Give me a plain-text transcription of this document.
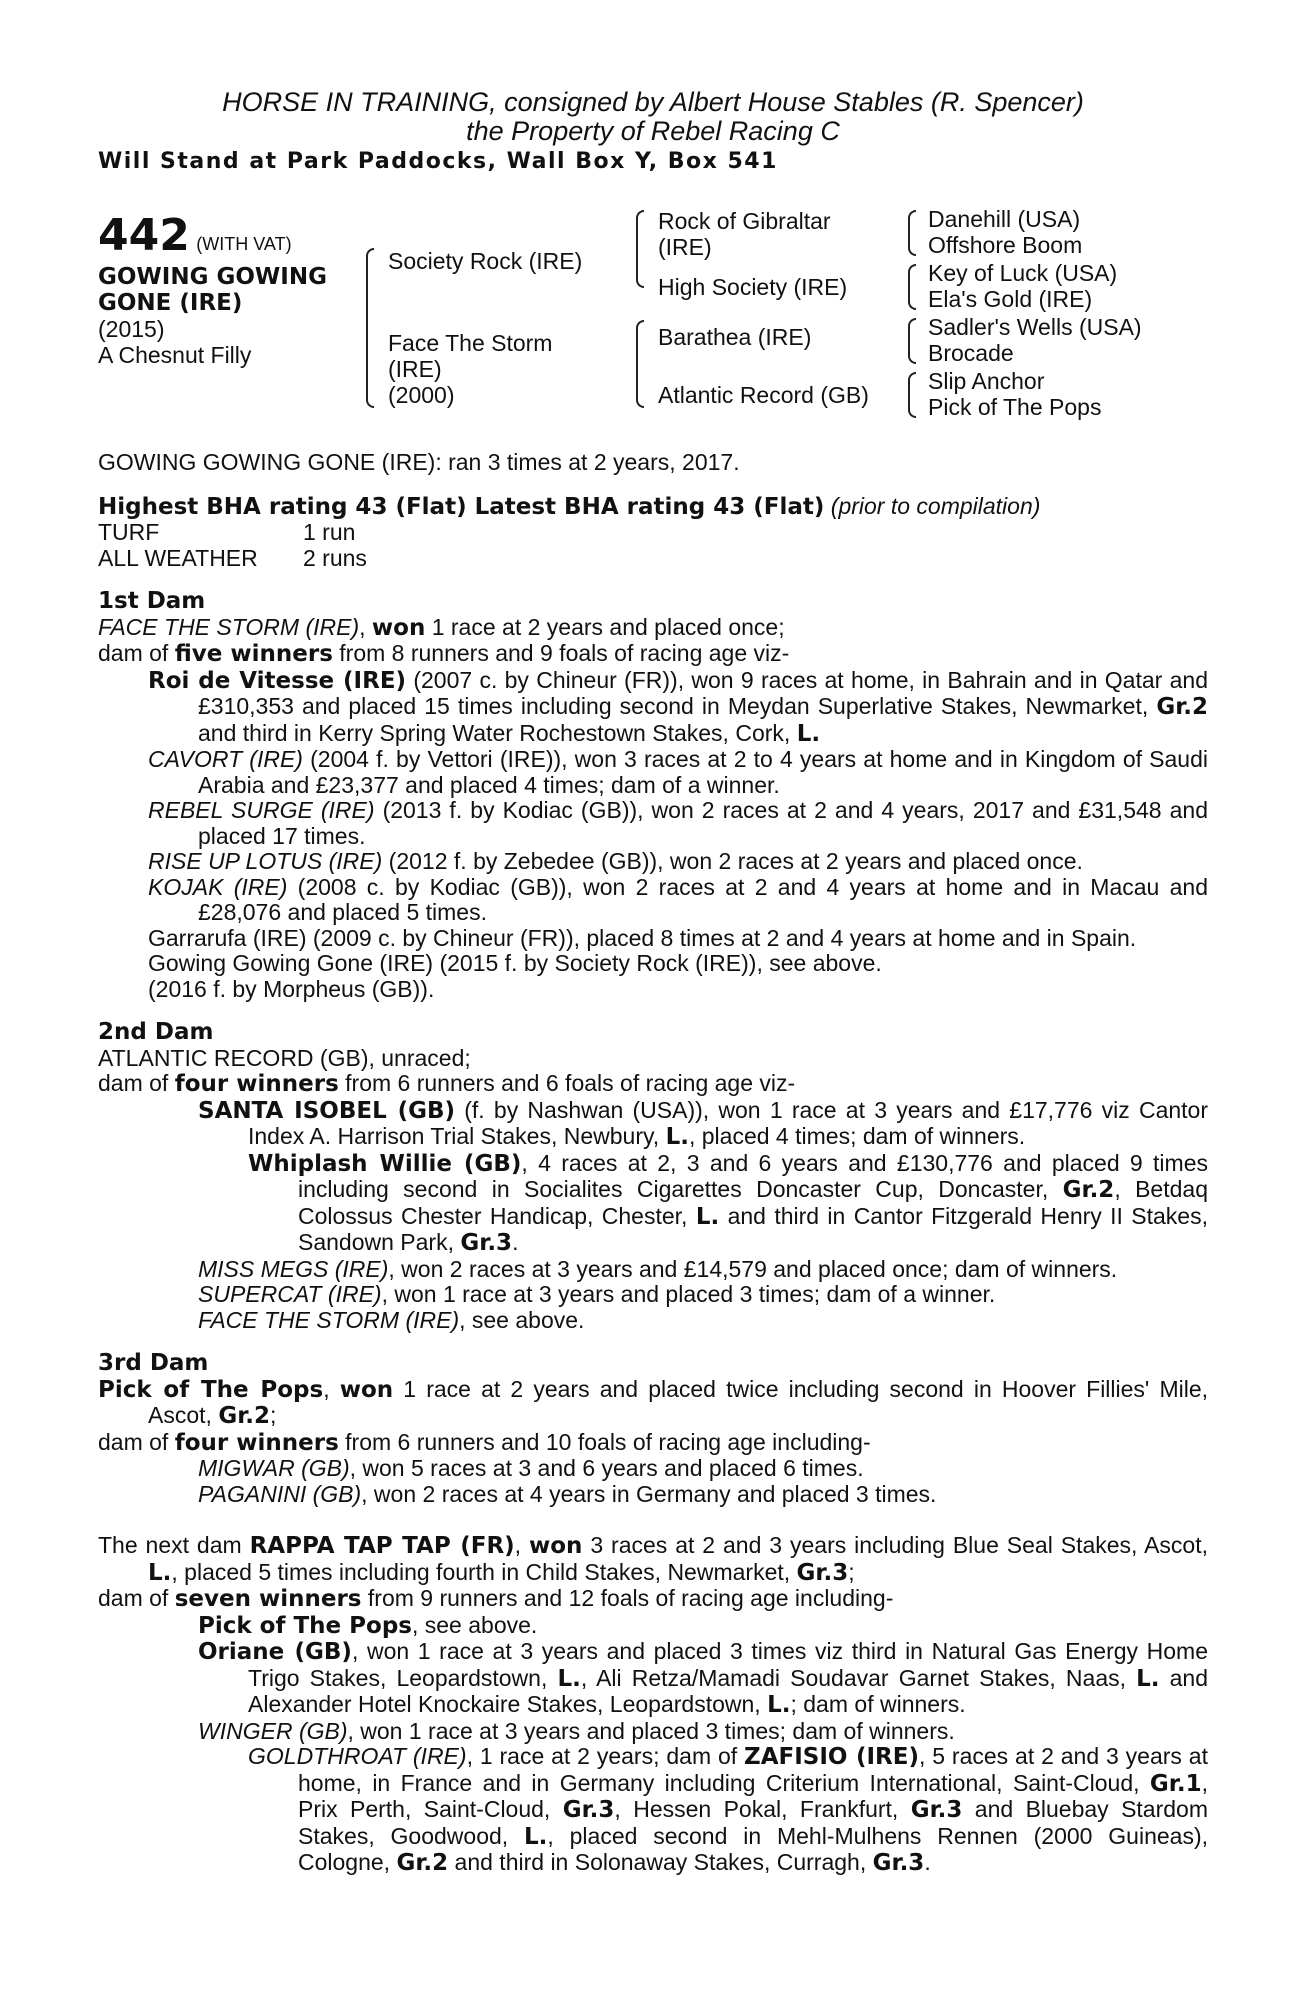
HORSE IN TRAINING, consigned by Albert House Stables (R. Spencer)
the Property of Rebel Racing C
Will Stand at Park Paddocks, Wall Box Y, Box 541
442 (WITH VAT)
GOWING GOWING
GONE (IRE)
(2015)
A Chesnut Filly
Society Rock (IRE)
Face The Storm
(IRE)
(2000)
Rock of Gibraltar
(IRE)
High Society (IRE)
Barathea (IRE)
Atlantic Record (GB)
Danehill (USA)
Offshore Boom
Key of Luck (USA)
Ela's Gold (IRE)
Sadler's Wells (USA)
Brocade
Slip Anchor
Pick of The Pops
GOWING GOWING GONE (IRE): ran 3 times at 2 years, 2017.
Highest BHA rating 43 (Flat) Latest BHA rating 43 (Flat) (prior to compilation)
TURF	1 run
ALL WEATHER	2 runs
1st Dam

FACE THE STORM (IRE), won 1 race at 2 years and placed once;

dam of five winners from 8 runners and 9 foals of racing age viz-

Roi de Vitesse (IRE) (2007 c. by Chineur (FR)), won 9 races at home, in Bahrain and in Qatar and £310,353 and placed 15 times including second in Meydan Superlative Stakes, Newmarket, Gr.2 and third in Kerry Spring Water Rochestown Stakes, Cork, L.

CAVORT (IRE) (2004 f. by Vettori (IRE)), won 3 races at 2 to 4 years at home and in Kingdom of Saudi Arabia and £23,377 and placed 4 times; dam of a winner.

REBEL SURGE (IRE) (2013 f. by Kodiac (GB)), won 2 races at 2 and 4 years, 2017 and £31,548 and placed 17 times.

RISE UP LOTUS (IRE) (2012 f. by Zebedee (GB)), won 2 races at 2 years and placed once.

KOJAK (IRE) (2008 c. by Kodiac (GB)), won 2 races at 2 and 4 years at home and in Macau and £28,076 and placed 5 times.

Garrarufa (IRE) (2009 c. by Chineur (FR)), placed 8 times at 2 and 4 years at home and in Spain.

Gowing Gowing Gone (IRE) (2015 f. by Society Rock (IRE)), see above.

(2016 f. by Morpheus (GB)).

2nd Dam

ATLANTIC RECORD (GB), unraced;

dam of four winners from 6 runners and 6 foals of racing age viz-

SANTA ISOBEL (GB) (f. by Nashwan (USA)), won 1 race at 3 years and £17,776 viz Cantor Index A. Harrison Trial Stakes, Newbury, L., placed 4 times; dam of winners.

Whiplash Willie (GB), 4 races at 2, 3 and 6 years and £130,776 and placed 9 times including second in Socialites Cigarettes Doncaster Cup, Doncaster, Gr.2, Betdaq Colossus Chester Handicap, Chester, L. and third in Cantor Fitzgerald Henry II Stakes, Sandown Park, Gr.3.

MISS MEGS (IRE), won 2 races at 3 years and £14,579 and placed once; dam of winners.

SUPERCAT (IRE), won 1 race at 3 years and placed 3 times; dam of a winner.

FACE THE STORM (IRE), see above.

3rd Dam

Pick of The Pops, won 1 race at 2 years and placed twice including second in Hoover Fillies' Mile, Ascot, Gr.2;

dam of four winners from 6 runners and 10 foals of racing age including-

MIGWAR (GB), won 5 races at 3 and 6 years and placed 6 times.

PAGANINI (GB), won 2 races at 4 years in Germany and placed 3 times.

The next dam RAPPA TAP TAP (FR), won 3 races at 2 and 3 years including Blue Seal Stakes, Ascot, L., placed 5 times including fourth in Child Stakes, Newmarket, Gr.3;

dam of seven winners from 9 runners and 12 foals of racing age including-

Pick of The Pops, see above.

Oriane (GB), won 1 race at 3 years and placed 3 times viz third in Natural Gas Energy Home Trigo Stakes, Leopardstown, L., Ali Retza/Mamadi Soudavar Garnet Stakes, Naas, L. and Alexander Hotel Knockaire Stakes, Leopardstown, L.; dam of winners.

WINGER (GB), won 1 race at 3 years and placed 3 times; dam of winners.

GOLDTHROAT (IRE), 1 race at 2 years; dam of ZAFISIO (IRE), 5 races at 2 and 3 years at home, in France and in Germany including Criterium International, Saint-Cloud, Gr.1, Prix Perth, Saint-Cloud, Gr.3, Hessen Pokal, Frankfurt, Gr.3 and Bluebay Stardom Stakes, Goodwood, L., placed second in Mehl-Mulhens Rennen (2000 Guineas), Cologne, Gr.2 and third in Solonaway Stakes, Curragh, Gr.3.
